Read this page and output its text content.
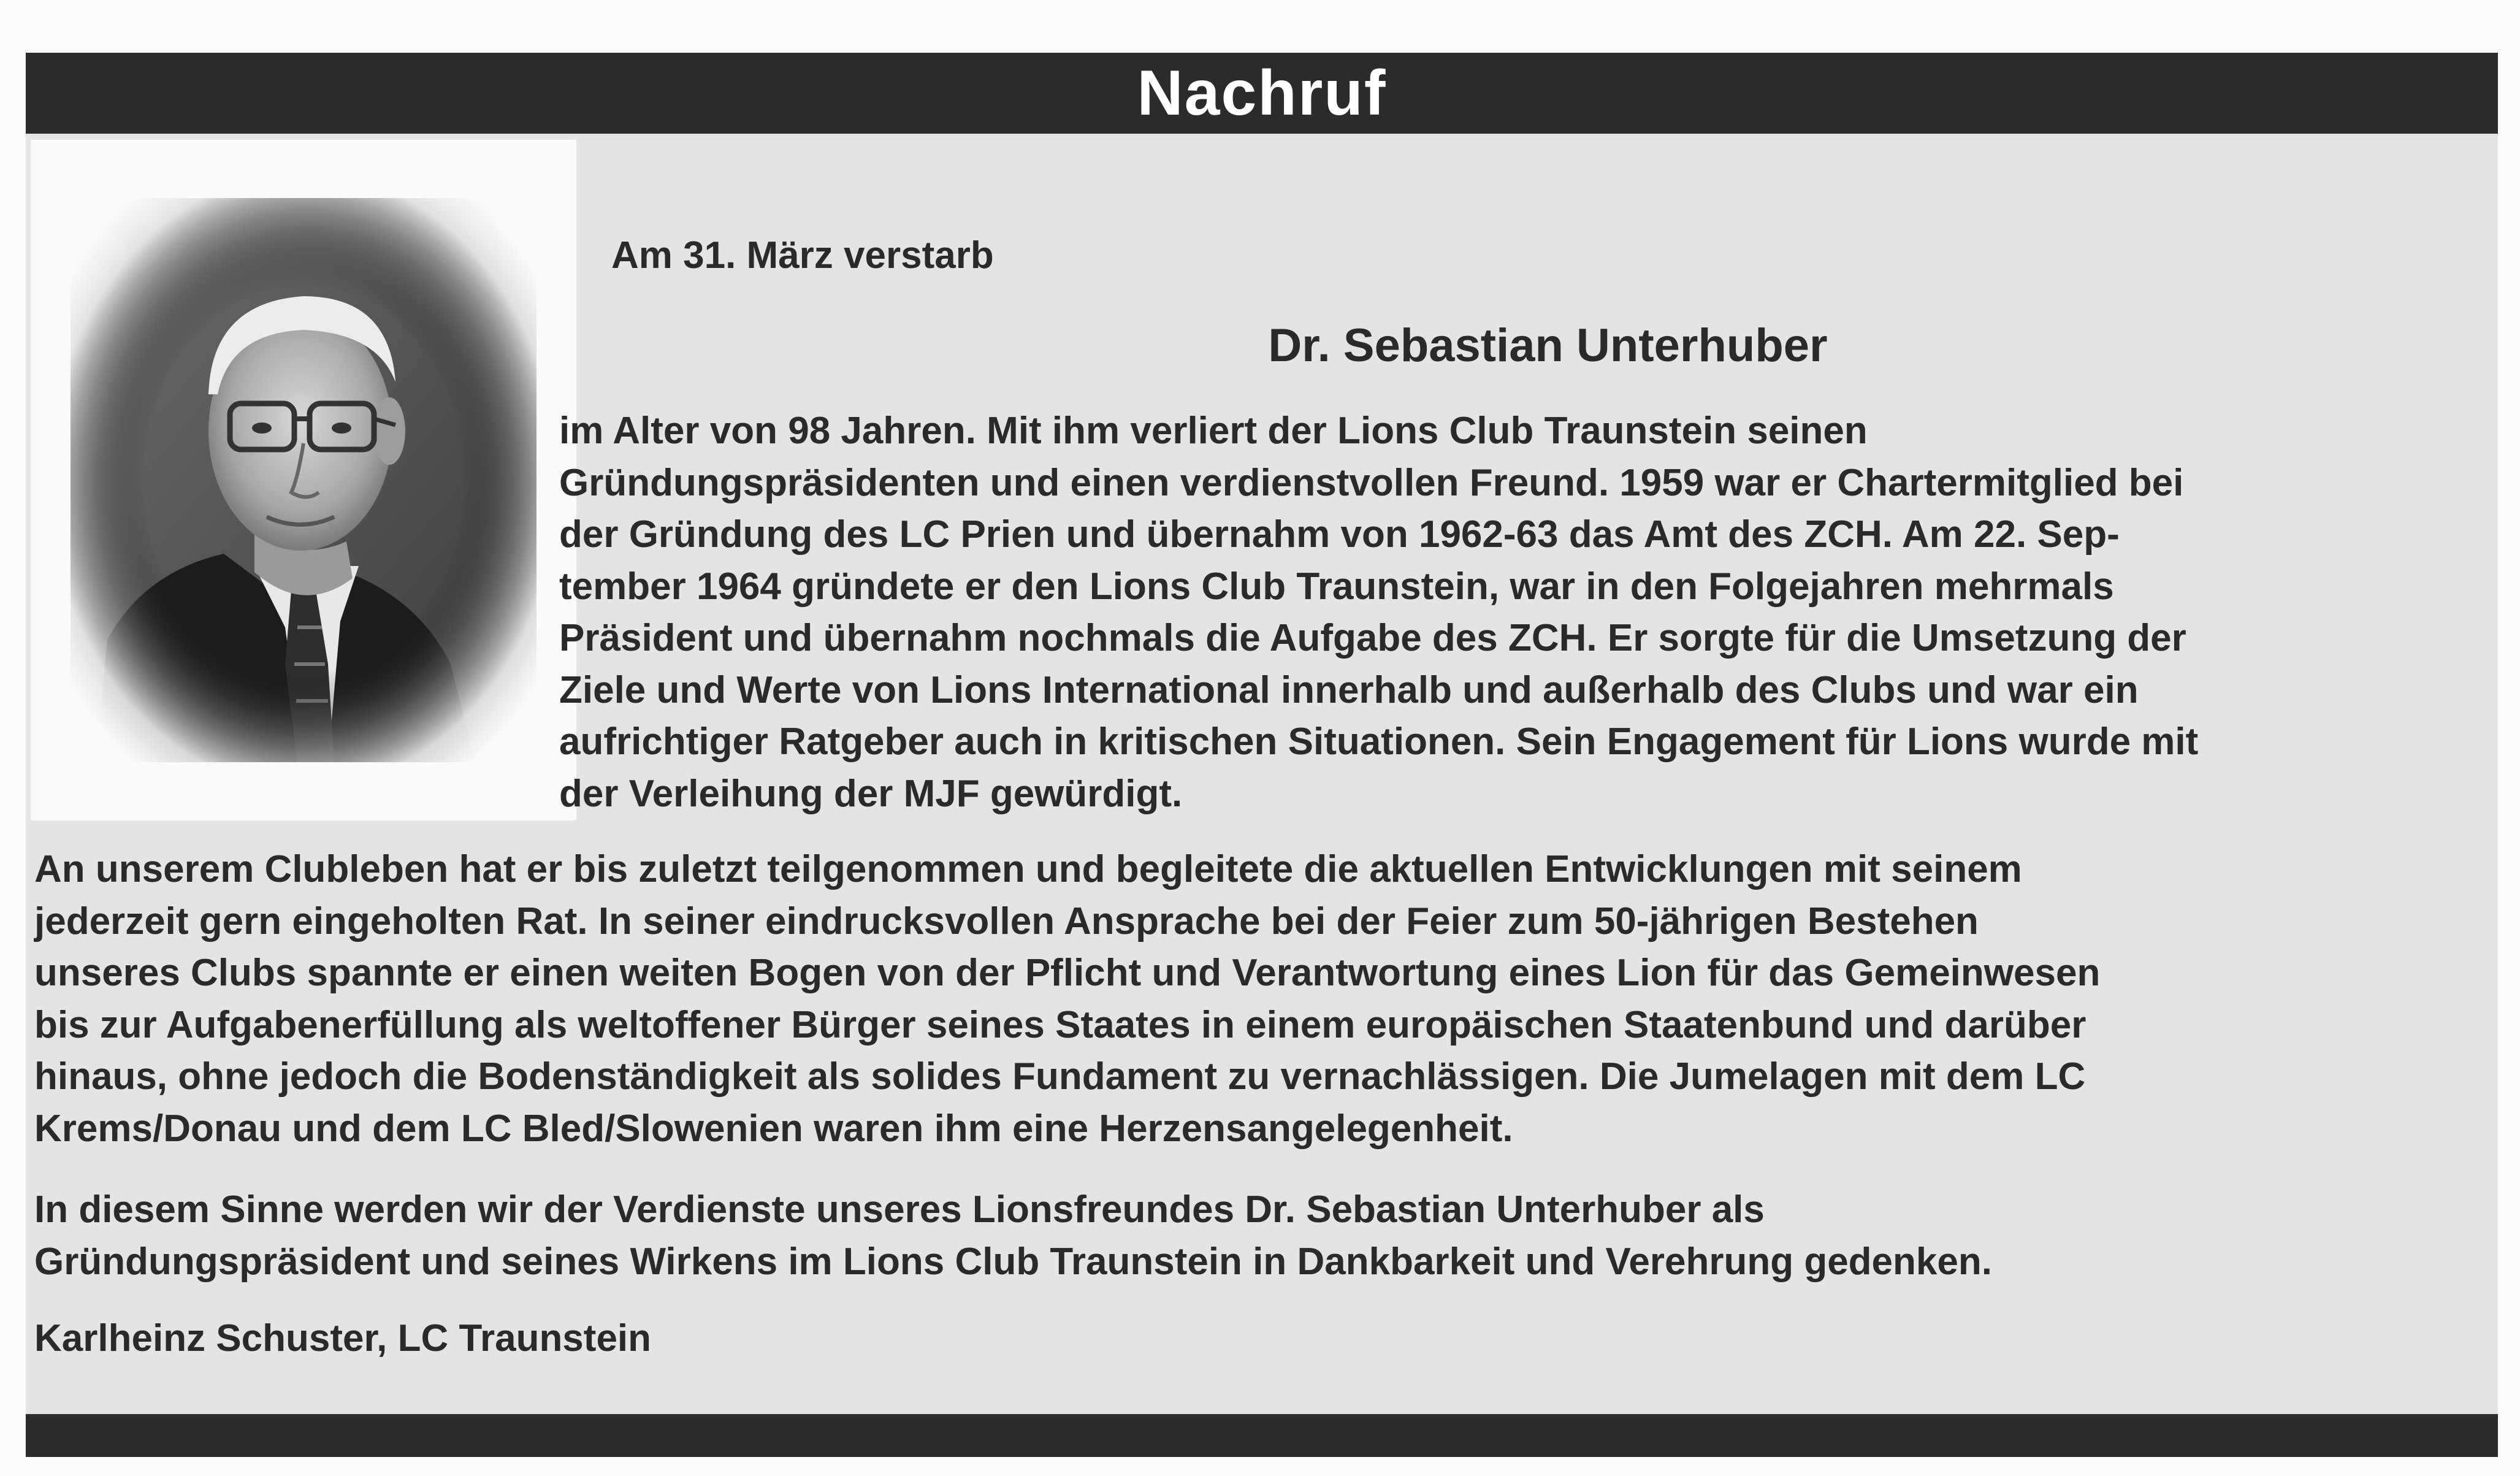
Nachruf
Am 31. März verstarb
Dr. Sebastian Unterhuber
im Alter von 98 Jahren. Mit ihm verliert der Lions Club Traunstein seinen
Gründungspräsidenten und einen verdienstvollen Freund. 1959 war er Chartermitglied bei
der Gründung des LC Prien und übernahm von 1962-63 das Amt des ZCH. Am 22. Sep-
tember 1964 gründete er den Lions Club Traunstein, war in den Folgejahren mehrmals
Präsident und übernahm nochmals die Aufgabe des ZCH. Er sorgte für die Umsetzung der
Ziele und Werte von Lions International innerhalb und außerhalb des Clubs und war ein
aufrichtiger Ratgeber auch in kritischen Situationen. Sein Engagement für Lions wurde mit
der Verleihung der MJF gewürdigt.
An unserem Clubleben hat er bis zuletzt teilgenommen und begleitete die aktuellen Entwicklungen mit seinem
jederzeit gern eingeholten Rat. In seiner eindrucksvollen Ansprache bei der Feier zum 50-jährigen Bestehen
unseres Clubs spannte er einen weiten Bogen von der Pflicht und Verantwortung eines Lion für das Gemeinwesen
bis zur Aufgabenerfüllung als weltoffener Bürger seines Staates in einem europäischen Staatenbund und darüber
hinaus, ohne jedoch die Bodenständigkeit als solides Fundament zu vernachlässigen. Die Jumelagen mit dem LC
Krems/Donau und dem LC Bled/Slowenien waren ihm eine Herzensangelegenheit.
In diesem Sinne werden wir der Verdienste unseres Lionsfreundes Dr. Sebastian Unterhuber als
Gründungspräsident und seines Wirkens im Lions Club Traunstein in Dankbarkeit und Verehrung gedenken.
Karlheinz Schuster, LC Traunstein
